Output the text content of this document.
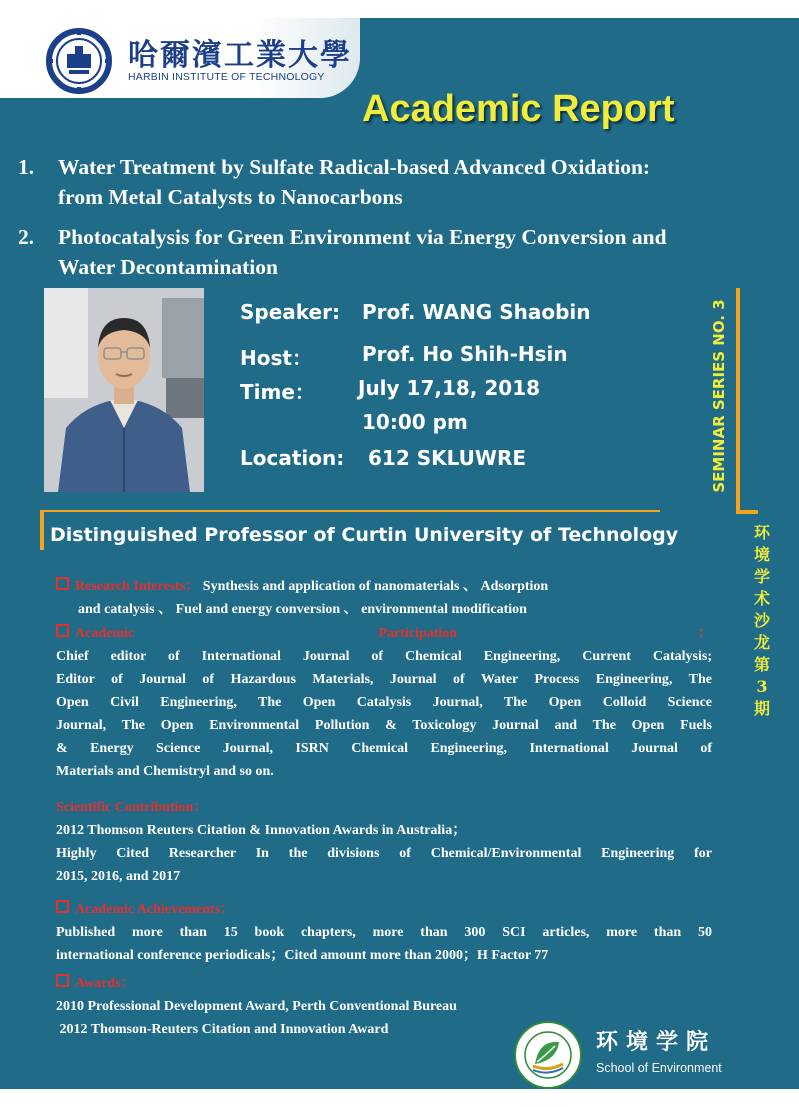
哈爾濱工業大學
HARBIN INSTITUTE OF TECHNOLOGY
Academic Report
1. Water Treatment by Sulfate Radical-based Advanced Oxidation:
from Metal Catalysts to Nanocarbons
2. Photocatalysis for Green Environment via Energy Conversion and
Water Decontamination
Speaker: Prof. WANG Shaobin
Host：	Prof. Ho Shih-Hsin
Time： July 17,18, 2018
10:00 pm
Location: 612 SKLUWRE	SEMINAR SERIES NO. 3
环境学术沙龙第3期
Distinguished Professor of Curtin University of Technology
Research Interests： Synthesis and application of nanomaterials 、 Adsorption
and catalysis 、 Fuel and energy conversion 、 environmental modification

Academic Participation：

Chief editor of International Journal of Chemical Engineering, Current Catalysis;

Editor of Journal of Hazardous Materials, Journal of Water Process Engineering, The

Open Civil Engineering, The Open Catalysis Journal, The Open Colloid Science

Journal, The Open Environmental Pollution & Toxicology Journal and The Open Fuels

& Energy Science Journal, ISRN Chemical Engineering, International Journal of

Materials and Chemistryl and so on.

Scientific Contribution：

2012 Thomson Reuters Citation & Innovation Awards in Australia；

Highly Cited Researcher In the divisions of Chemical/Environmental Engineering for

2015, 2016, and 2017

Academic Achievements：

Published more than 15 book chapters, more than 300 SCI articles, more than 50

international conference periodicals；Cited amount more than 2000；H Factor 77

Awards：

2010 Professional Development Award, Perth Conventional Bureau

2012 Thomson-Reuters Citation and Innovation Award	环境学院
School of Environment
